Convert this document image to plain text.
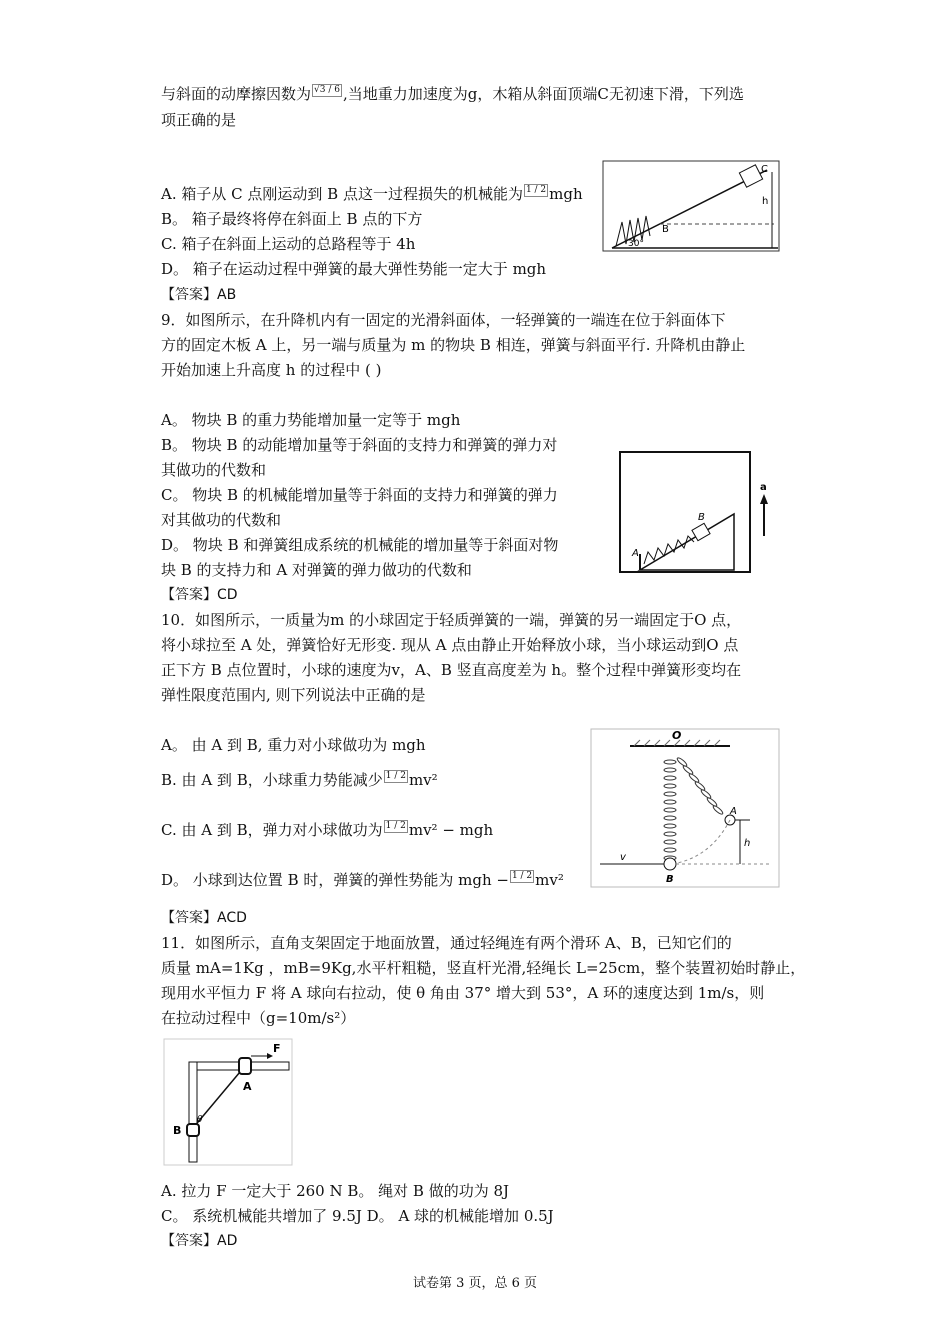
与斜面的动摩擦因数为 √3 / 6 ,当地重力加速度为g，木箱从斜面顶端C无初速下滑，下列选
项正确的是
A. 箱子从 C 点刚运动到 B 点这一过程损失的机械能为 1 / 2 mgh
B。 箱子最终将停在斜面上 B 点的下方
C. 箱子在斜面上运动的总路程等于 4h
D。 箱子在运动过程中弹簧的最大弹性势能一定大于 mgh
【答案】AB
C
h
B
30°
9．如图所示，在升降机内有一固定的光滑斜面体，一轻弹簧的一端连在位于斜面体下
方的固定木板 A 上，另一端与质量为 m 的物块 B 相连，弹簧与斜面平行. 升降机由静止
开始加速上升高度 h 的过程中 ( )
A。 物块 B 的重力势能增加量一定等于 mgh
B。 物块 B 的动能增加量等于斜面的支持力和弹簧的弹力对
其做功的代数和
C。 物块 B 的机械能增加量等于斜面的支持力和弹簧的弹力
对其做功的代数和
D。 物块 B 和弹簧组成系统的机械能的增加量等于斜面对物
块 B 的支持力和 A 对弹簧的弹力做功的代数和
【答案】CD
A
B
a
10．如图所示，一质量为m 的小球固定于轻质弹簧的一端，弹簧的另一端固定于O 点，
将小球拉至 A 处，弹簧恰好无形变. 现从 A 点由静止开始释放小球，当小球运动到O 点
正下方 B 点位置时，小球的速度为v，A、B 竖直高度差为 h。整个过程中弹簧形变均在
弹性限度范围内, 则下列说法中正确的是
A。 由 A 到 B, 重力对小球做功为 mgh
B. 由 A 到 B，小球重力势能减少 1 / 2 mv²
C. 由 A 到 B，弹力对小球做功为 1 / 2 mv² − mgh
D。 小球到达位置 B 时，弹簧的弹性势能为 mgh − 1 / 2 mv²
【答案】ACD
O
A
h
v
B
11．如图所示，直角支架固定于地面放置，通过轻绳连有两个滑环 A、B，已知它们的
质量 mA=1Kg ，mB=9Kg,水平杆粗糙，竖直杆光滑,轻绳长 L=25cm，整个装置初始时静止，
现用水平恒力 F 将 A 球向右拉动，使 θ 角由 37° 增大到 53°，A 环的速度达到 1m/s，则
在拉动过程中（g=10m/s²）
F
A
B
θ
A. 拉力 F 一定大于 260 N B。 绳对 B 做的功为 8J
C。 系统机械能共增加了 9.5J D。 A 球的机械能增加 0.5J
【答案】AD
试卷第 3 页，总 6 页
